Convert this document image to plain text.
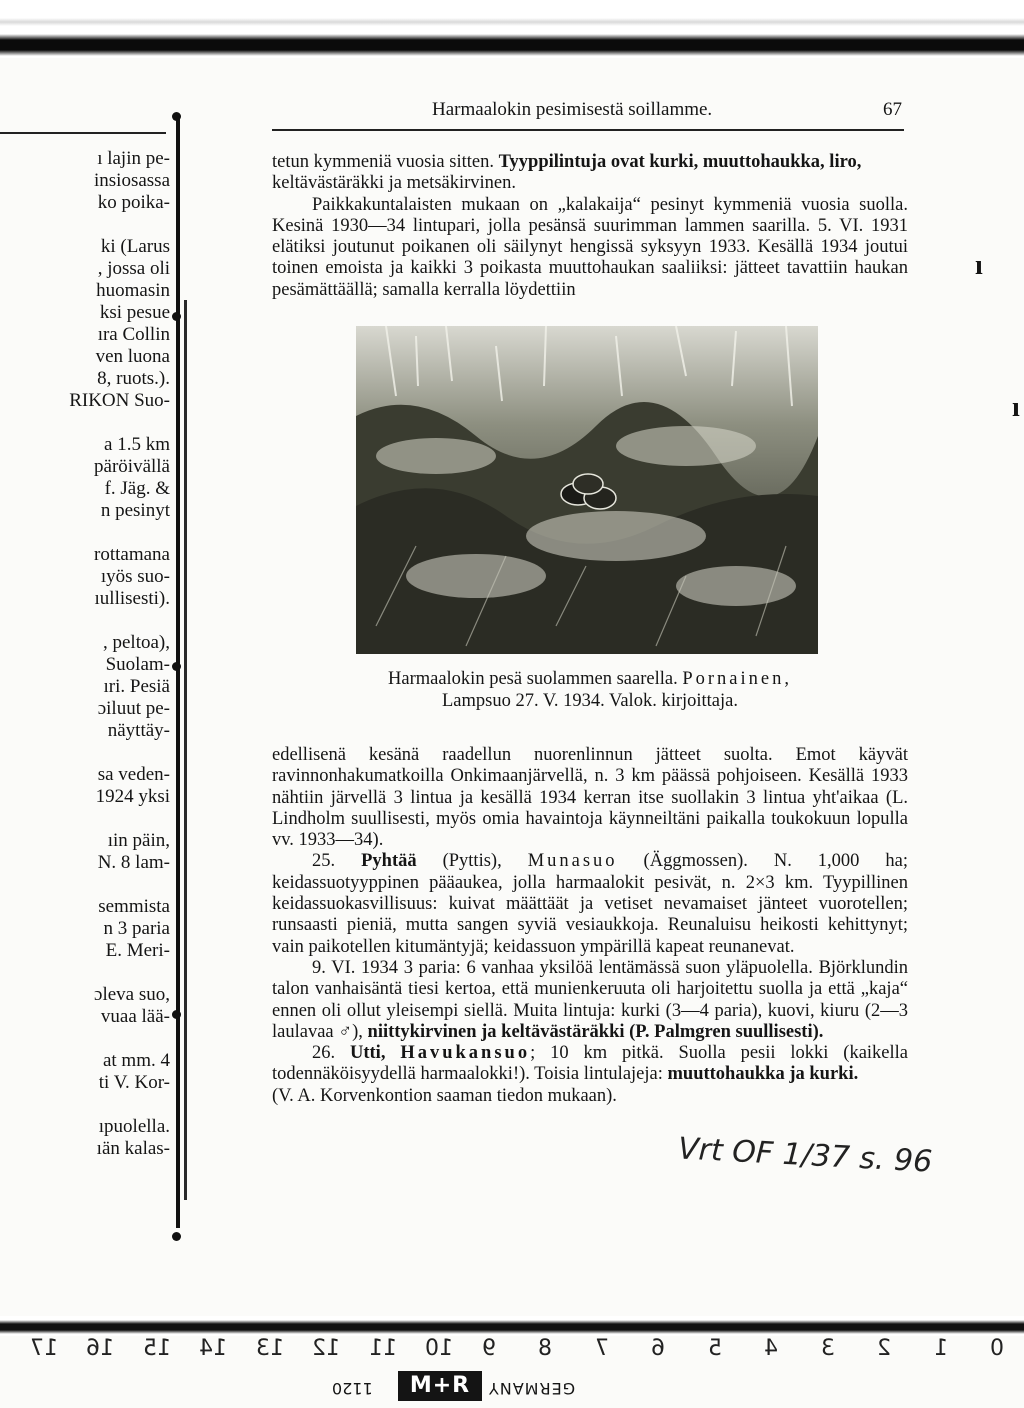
ı
ı
Harmaalokin pesimisestä soillamme.	67

tetun kymmeniä vuosia sitten. Tyyppilintuja ovat kurki, muuttohaukka, liro,

keltävästäräkki ja metsäkirvinen.

Paikkakuntalaisten mukaan on „kalakaija“ pesinyt kymmeniä vuosia suolla. Kesinä 1930—34 lintupari, jolla pesänsä suurimman lammen saarilla. 5. VI. 1931 elätiksi joutunut poikanen oli säilynyt hengissä syksyyn 1933. Kesällä 1934 joutui toinen emoista ja kaikki 3 poikasta muuttohaukan saaliiksi: jätteet tavattiin haukan pesämättäällä; samalla kerralla löydettiin

Harmaalokin pesä suolammen saarella. Pornainen,
Lampsuo 27. V. 1934. Valok. kirjoittaja.

edellisenä kesänä raadellun nuorenlinnun jätteet suolta. Emot käyvät ravinnonhakumatkoilla Onkimaanjärvellä, n. 3 km päässä pohjoiseen. Kesällä 1933 nähtiin järvellä 3 lintua ja kesällä 1934 kerran itse suollakin 3 lintua yht'aikaa (L. Lindholm suullisesti, myös omia havaintoja käynneiltäni paikalla toukokuun lopulla vv. 1933—34).

25. Pyhtää (Pyttis), Munasuo (Äggmossen). N. 1,000 ha; keidassuotyyppinen pääaukea, jolla harmaalokit pesivät, n. 2×3 km. Tyypillinen keidassuokasvillisuus: kuivat määttäät ja vetiset nevamaiset jänteet vuorotellen; runsaasti pieniä, mutta sangen syviä vesiaukkoja. Reunaluisu heikosti kehittynyt; vain paikotellen kitumäntyjä; keidassuon ympärillä kapeat reunanevat.

9. VI. 1934 3 paria: 6 vanhaa yksilöä lentämässä suon yläpuolella. Björklundin talon vanhaisäntä tiesi kertoa, että munienkeruuta oli harjoitettu suolla ja että „kaja“ ennen oli ollut yleisempi siellä. Muita lintuja: kurki (3—4 paria), kuovi, kiuru (2—3 laulavaa ♂), niittykirvinen ja keltävästäräkki (P. Palmgren suullisesti).

26. Utti, Havukansuo; 10 km pitkä. Suolla pesii lokki (kaikella todennäköisyydellä harmaalokki!). Toisia lintulajeja: muuttohaukka ja kurki.

(V. A. Korvenkontion saaman tiedon mukaan).

Vrt OF 1/37 s. 96
0
1
2
3
4
5
6
7
8
9
10
11
12
13
14
15
16
17
1120	M+R	GERMANY
ı lajin pe-
insiosassa
ko poika-
ki (Larus
, jossa oli
huomasin
ksi pesue
ıra Collin
ven luona
8, ruots.).
RIKON Suo-
a 1.5 km
päröivällä
f. Jäg. &
n pesinyt
rottamana
ıyös suo-
ıullisesti).
, peltoa),
Suolam-
ıri. Pesiä
ɔiluut pe-
näyttäy-
sa veden-
1924 yksi
ıin päin,
N. 8 lam-
semmista
n 3 paria
E. Meri-
ɔleva suo,
vuaa lää-
at mm. 4
ti V. Kor-
ıpuolella.
ıän kalas-
